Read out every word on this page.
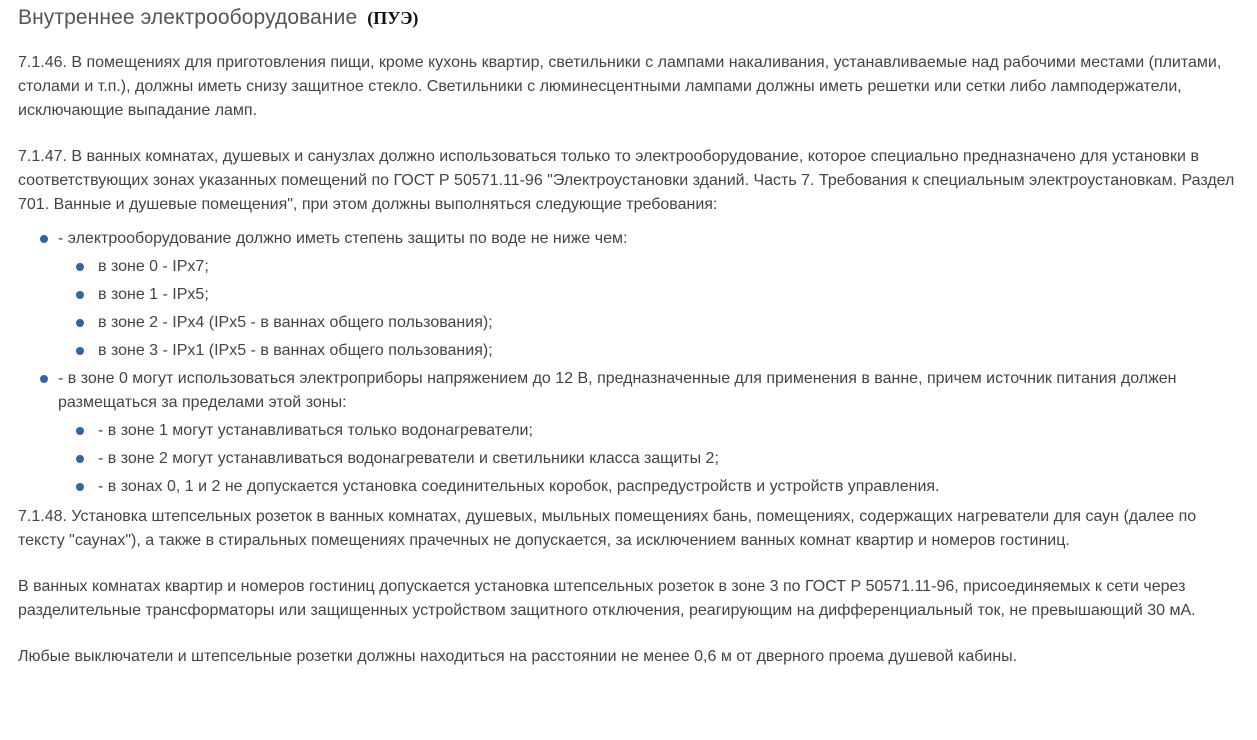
Внутреннее электрооборудование (ПУЭ)

7.1.46. В помещениях для приготовления пищи, кроме кухонь квартир, светильники с лампами накаливания, устанавливаемые над рабочими местами (плитами, столами и т.п.), должны иметь снизу защитное стекло. Светильники с люминесцентными лампами должны иметь решетки или сетки либо ламподержатели, исключающие выпадание ламп.

7.1.47. В ванных комнатах, душевых и санузлах должно использоваться только то электрооборудование, которое специально предназначено для установки в соответствующих зонах указанных помещений по ГОСТ Р 50571.11-96 "Электроустановки зданий. Часть 7. Требования к специальным электроустановкам. Раздел 701. Ванные и душевые помещения", при этом должны выполняться следующие требования:

- электрооборудование должно иметь степень защиты по воде не ниже чем:
в зоне 0 - IPx7;
в зоне 1 - IPx5;
в зоне 2 - IPx4 (IPx5 - в ваннах общего пользования);
в зоне 3 - IPx1 (IPx5 - в ваннах общего пользования);
- в зоне 0 могут использоваться электроприборы напряжением до 12 В, предназначенные для применения в ванне, причем источник питания должен размещаться за пределами этой зоны:
- в зоне 1 могут устанавливаться только водонагреватели;
- в зоне 2 могут устанавливаться водонагреватели и светильники класса защиты 2;
- в зонах 0, 1 и 2 не допускается установка соединительных коробок, распредустройств и устройств управления.

7.1.48. Установка штепсельных розеток в ванных комнатах, душевых, мыльных помещениях бань, помещениях, содержащих нагреватели для саун (далее по тексту "саунах"), а также в стиральных помещениях прачечных не допускается, за исключением ванных комнат квартир и номеров гостиниц.

В ванных комнатах квартир и номеров гостиниц допускается установка штепсельных розеток в зоне 3 по ГОСТ Р 50571.11-96, присоединяемых к сети через разделительные трансформаторы или защищенных устройством защитного отключения, реагирующим на дифференциальный ток, не превышающий 30 мА.

Любые выключатели и штепсельные розетки должны находиться на расстоянии не менее 0,6 м от дверного проема душевой кабины.
